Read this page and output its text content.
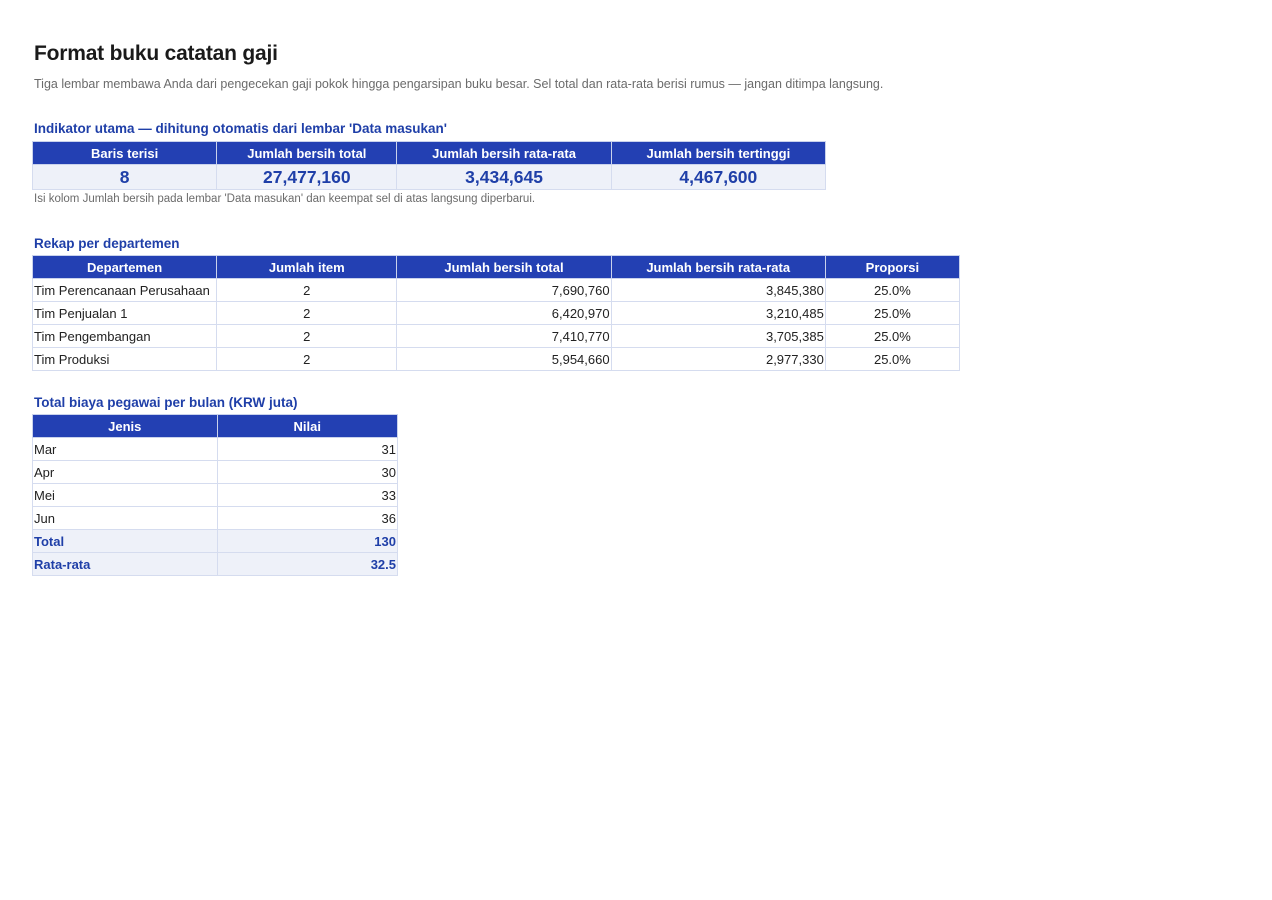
Format buku catatan gaji
Tiga lembar membawa Anda dari pengecekan gaji pokok hingga pengarsipan buku besar. Sel total dan rata-rata berisi rumus — jangan ditimpa langsung.
Indikator utama — dihitung otomatis dari lembar 'Data masukan'
Baris terisi	Jumlah bersih total	Jumlah bersih rata-rata	Jumlah bersih tertinggi
8	27,477,160	3,434,645	4,467,600
Isi kolom Jumlah bersih pada lembar 'Data masukan' dan keempat sel di atas langsung diperbarui.
Rekap per departemen
Departemen	Jumlah item	Jumlah bersih total	Jumlah bersih rata-rata	Proporsi
Tim Perencanaan Perusahaan	2	7,690,760	3,845,380	25.0%
Tim Penjualan 1	2	6,420,970	3,210,485	25.0%
Tim Pengembangan	2	7,410,770	3,705,385	25.0%
Tim Produksi	2	5,954,660	2,977,330	25.0%
Total biaya pegawai per bulan (KRW juta)
Jenis	Nilai
Mar	31
Apr	30
Mei	33
Jun	36
Total	130
Rata-rata	32.5
